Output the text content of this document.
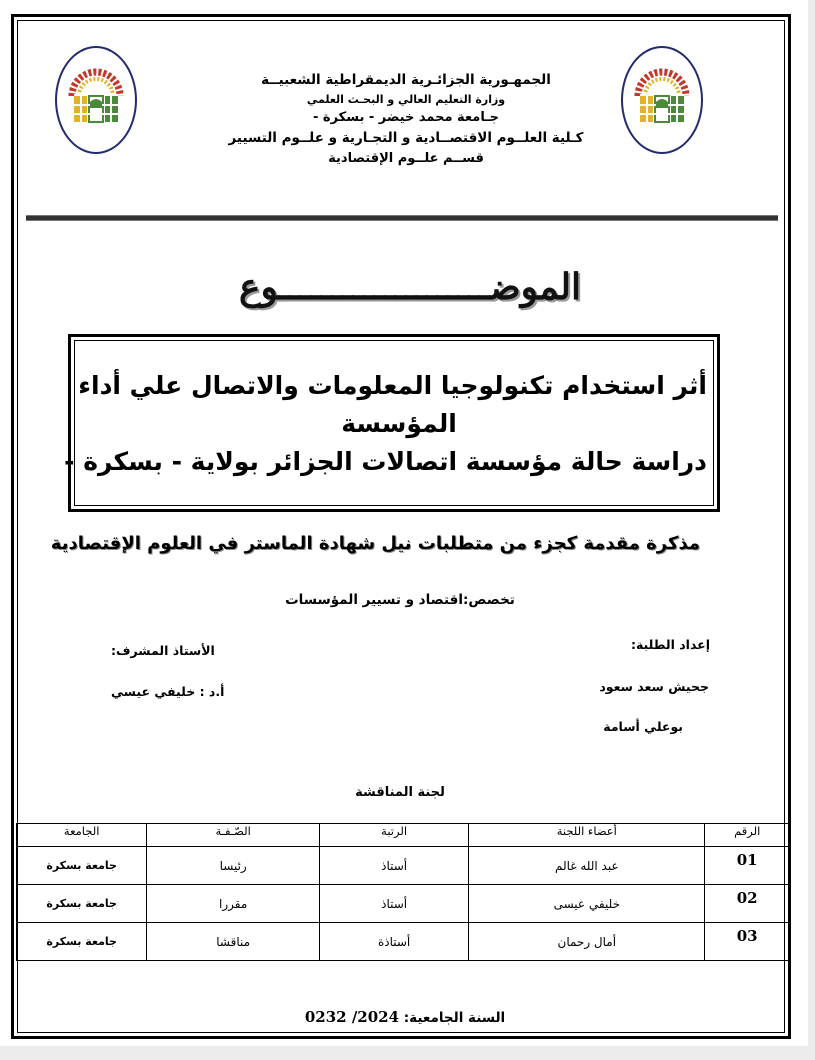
الجمهـورية الجزائـرية الديمقراطية الشعبيــة
وزارة التعليم العالي و البحـث العلمي
جـامعة محمد خيضر - بسكرة -
كـلية العلــوم الاقتصــادية و التجـارية و علــوم التسيير
قســم علــوم الإقتصادية
الموضــــــــــــــــــــوع
أثر استخدام تكنولوجيا المعلومات والاتصال علي أداء
المؤسسة
دراسة حالة مؤسسة اتصالات الجزائر بولاية - بسكرة -
مذكرة مقدمة كجزء من متطلبات نيل شهادة الماستر في العلوم الإقتصادية
تخصص:اقتصاد و تسيير المؤسسات
إعداد الطلبة:
جحيش سعد سعود
بوعلي أسامة
الأستاذ المشرف:
أ.د : خليفي عيسي
لجنة المناقشة
الرقم	أعضاء اللجنة	الرتبة	الصّـفـة	الجامعة
01	عبد الله غالم	أستاذ	رئيسا	جامعة بسكرة
02	خليفي عيسى	أستاذ	مقررا	جامعة بسكرة
03	أمال رحمان	أستاذة	مناقشا	جامعة بسكرة
السنة الجامعية: 0232 /2024
